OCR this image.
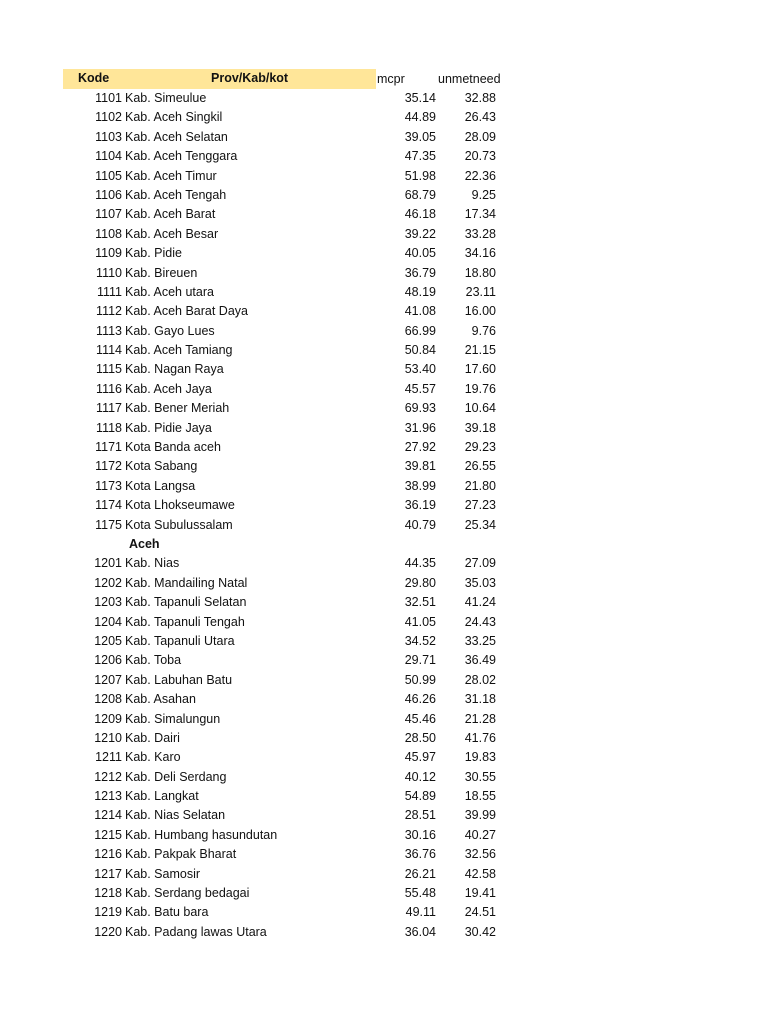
Kode	Prov/Kab/kot	mcpr	unmetneed
1101 Kab. Simeulue	35.14	32.88
1102 Kab. Aceh Singkil	44.89	26.43
1103 Kab. Aceh Selatan	39.05	28.09
1104 Kab. Aceh Tenggara	47.35	20.73
1105 Kab. Aceh Timur	51.98	22.36
1106 Kab. Aceh Tengah	68.79	9.25
1107 Kab. Aceh Barat	46.18	17.34
1108 Kab. Aceh Besar	39.22	33.28
1109 Kab. Pidie	40.05	34.16
1110 Kab. Bireuen	36.79	18.80
1111 Kab. Aceh utara	48.19	23.11
1112 Kab. Aceh Barat Daya	41.08	16.00
1113 Kab. Gayo Lues	66.99	9.76
1114 Kab. Aceh Tamiang	50.84	21.15
1115 Kab. Nagan Raya	53.40	17.60
1116 Kab. Aceh Jaya	45.57	19.76
1117 Kab. Bener Meriah	69.93	10.64
1118 Kab. Pidie Jaya	31.96	39.18
1171 Kota Banda aceh	27.92	29.23
1172 Kota Sabang	39.81	26.55
1173 Kota Langsa	38.99	21.80
1174 Kota Lhokseumawe	36.19	27.23
1175 Kota Subulussalam	40.79	25.34
Aceh
1201 Kab. Nias	44.35	27.09
1202 Kab. Mandailing Natal	29.80	35.03
1203 Kab. Tapanuli Selatan	32.51	41.24
1204 Kab. Tapanuli Tengah	41.05	24.43
1205 Kab. Tapanuli Utara	34.52	33.25
1206 Kab. Toba	29.71	36.49
1207 Kab. Labuhan Batu	50.99	28.02
1208 Kab. Asahan	46.26	31.18
1209 Kab. Simalungun	45.46	21.28
1210 Kab. Dairi	28.50	41.76
1211 Kab. Karo	45.97	19.83
1212 Kab. Deli Serdang	40.12	30.55
1213 Kab. Langkat	54.89	18.55
1214 Kab. Nias Selatan	28.51	39.99
1215 Kab. Humbang hasundutan	30.16	40.27
1216 Kab. Pakpak Bharat	36.76	32.56
1217 Kab. Samosir	26.21	42.58
1218 Kab. Serdang bedagai	55.48	19.41
1219 Kab. Batu bara	49.11	24.51
1220 Kab. Padang lawas Utara	36.04	30.42
